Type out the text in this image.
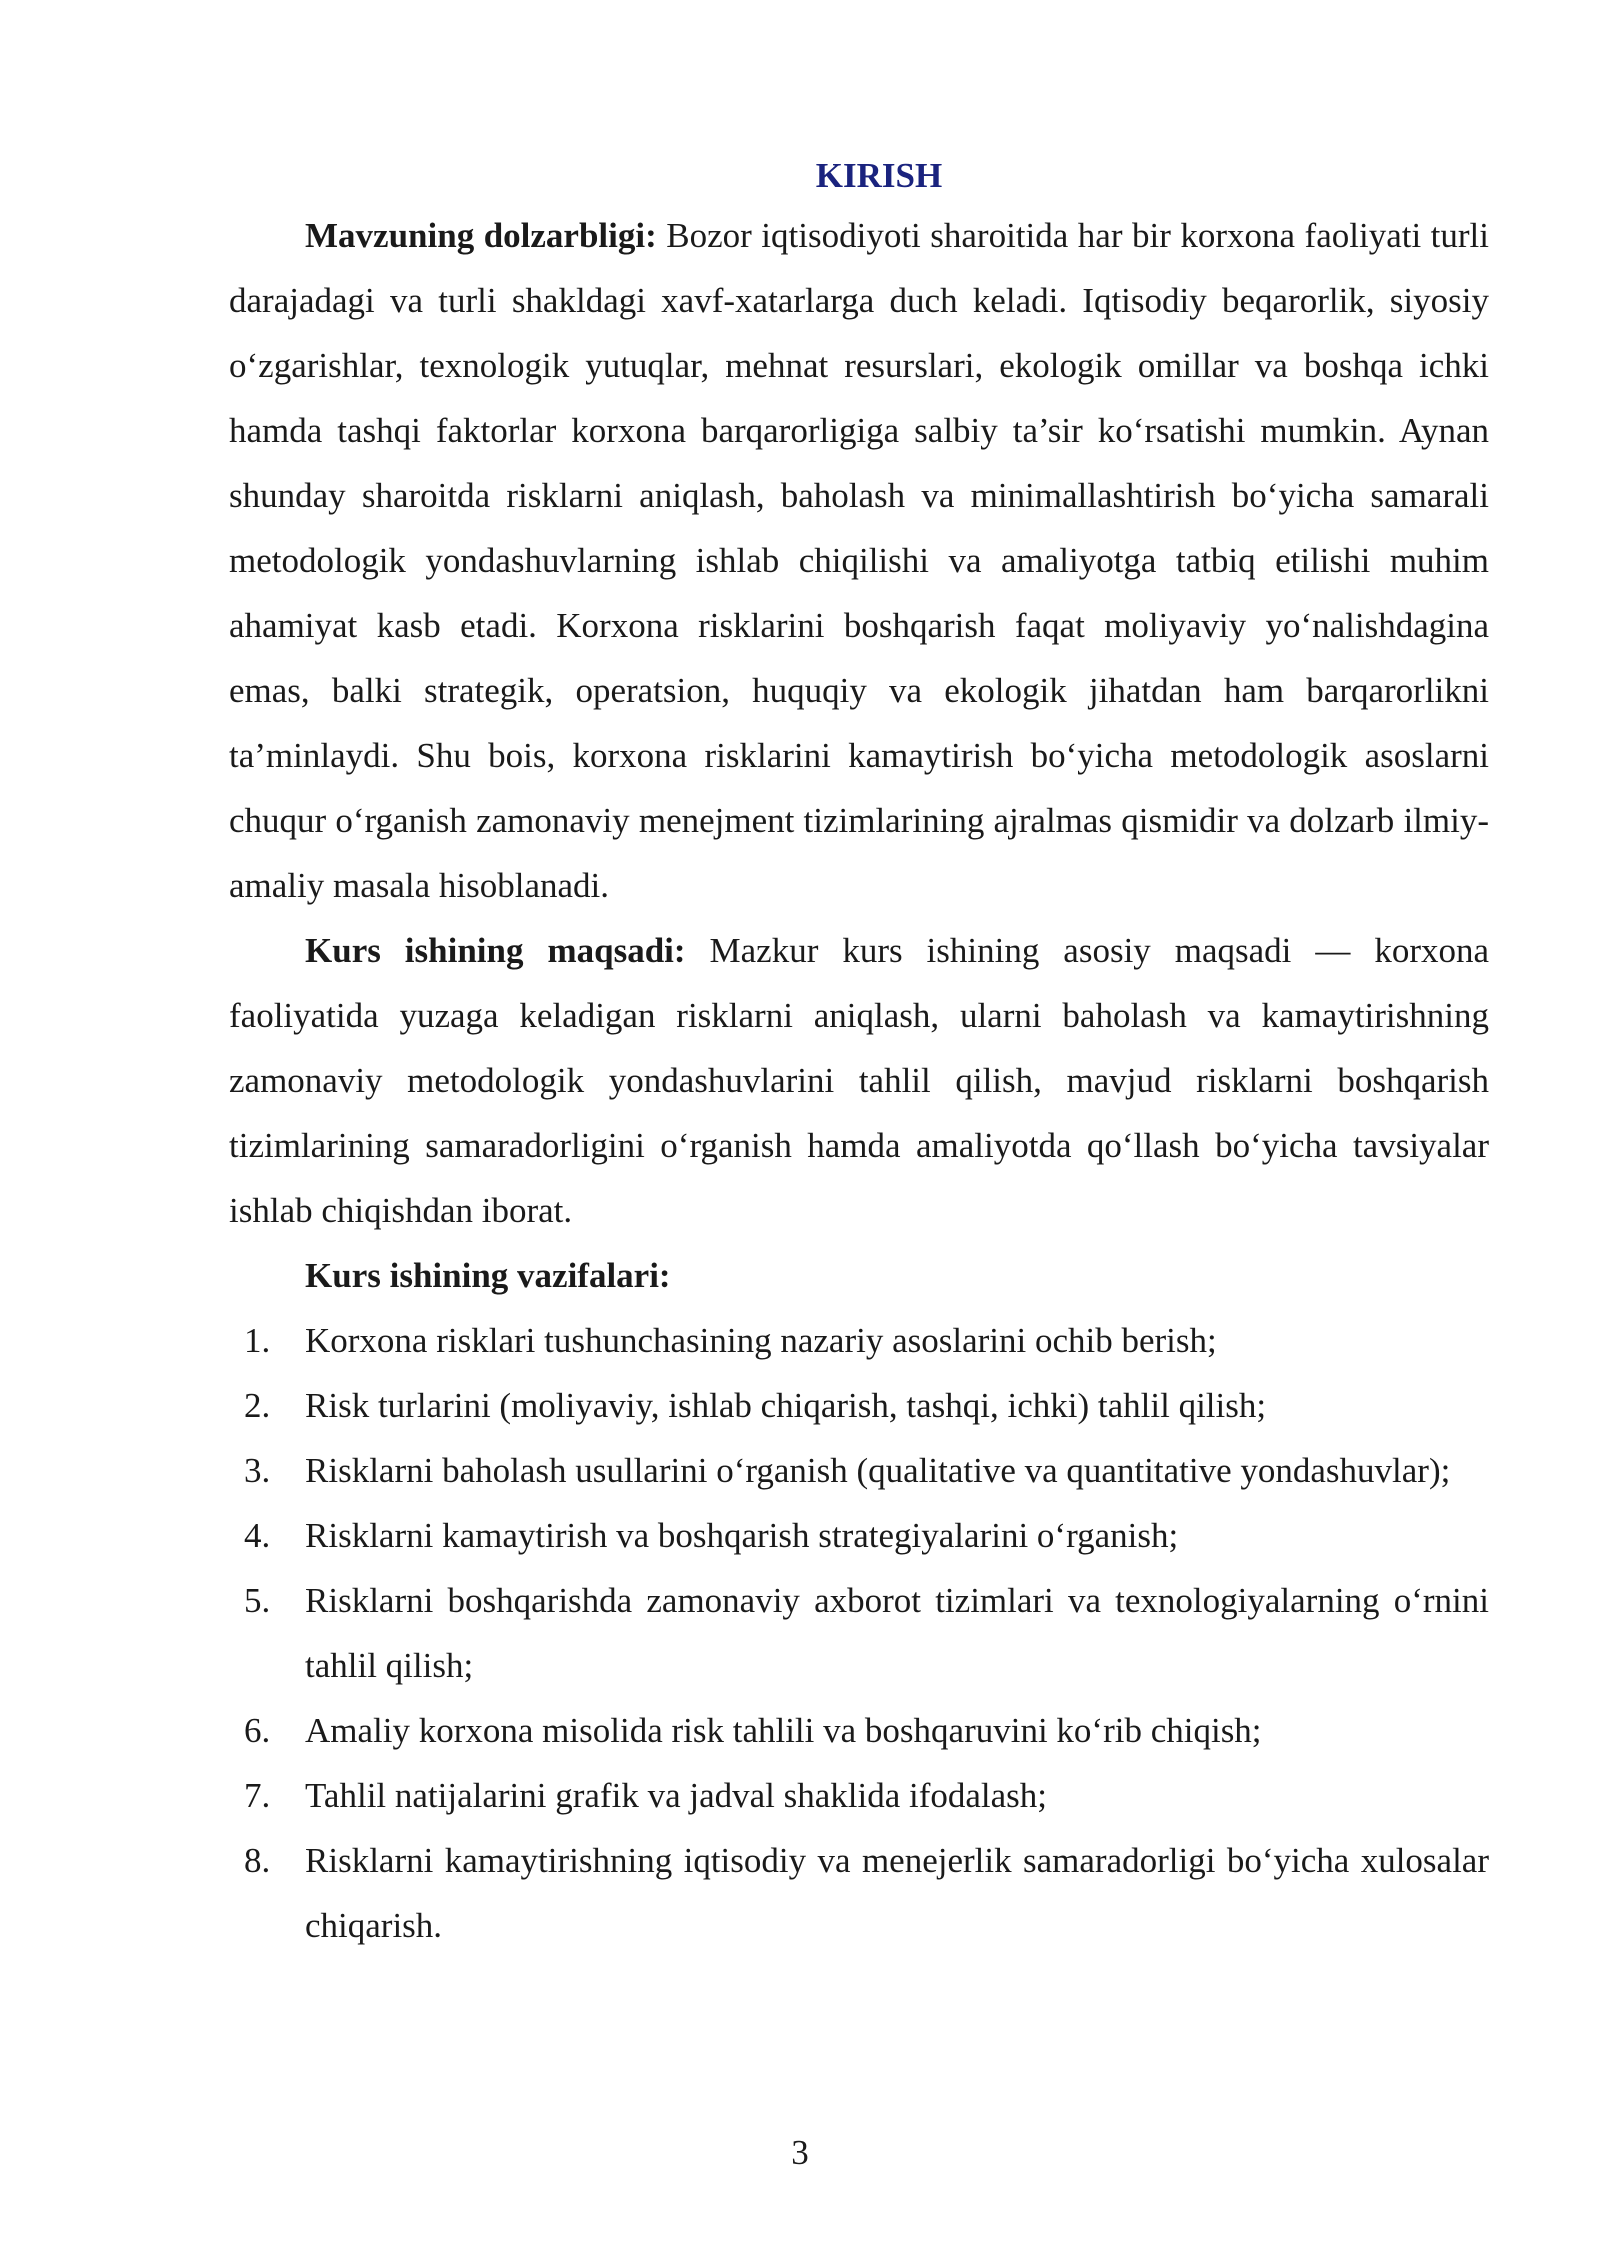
KIRISH

Mavzuning dolzarbligi: Bozor iqtisodiyoti sharoitida har bir korxona faoliyati turli darajadagi va turli shakldagi xavf-xatarlarga duch keladi. Iqtisodiy beqarorlik, siyosiy o‘zgarishlar, texnologik yutuqlar, mehnat resurslari, ekologik omillar va boshqa ichki hamda tashqi faktorlar korxona barqarorligiga salbiy ta’sir ko‘rsatishi mumkin. Aynan shunday sharoitda risklarni aniqlash, baholash va minimallashtirish bo‘yicha samarali metodologik yondashuvlarning ishlab chiqilishi va amaliyotga tatbiq etilishi muhim ahamiyat kasb etadi. Korxona risklarini boshqarish faqat moliyaviy yo‘nalishdagina emas, balki strategik, operatsion, huquqiy va ekologik jihatdan ham barqarorlikni ta’minlaydi. Shu bois, korxona risklarini kamaytirish bo‘yicha metodologik asoslarni chuqur o‘rganish zamonaviy menejment tizimlarining ajralmas qismidir va dolzarb ilmiy-amaliy masala hisoblanadi.

Kurs ishining maqsadi: Mazkur kurs ishining asosiy maqsadi — korxona faoliyatida yuzaga keladigan risklarni aniqlash, ularni baholash va kamaytirishning zamonaviy metodologik yondashuvlarini tahlil qilish, mavjud risklarni boshqarish tizimlarining samaradorligini o‘rganish hamda amaliyotda qo‘llash bo‘yicha tavsiyalar ishlab chiqishdan iborat.

Kurs ishining vazifalari:

1. Korxona risklari tushunchasining nazariy asoslarini ochib berish;
2. Risk turlarini (moliyaviy, ishlab chiqarish, tashqi, ichki) tahlil qilish;
3. Risklarni baholash usullarini o‘rganish (qualitative va quantitative yondashuvlar);
4. Risklarni kamaytirish va boshqarish strategiyalarini o‘rganish;
5. Risklarni boshqarishda zamonaviy axborot tizimlari va texnologiyalarning o‘rnini tahlil qilish;
6. Amaliy korxona misolida risk tahlili va boshqaruvini ko‘rib chiqish;
7. Tahlil natijalarini grafik va jadval shaklida ifodalash;
8. Risklarni kamaytirishning iqtisodiy va menejerlik samaradorligi bo‘yicha xulosalar chiqarish.
3
